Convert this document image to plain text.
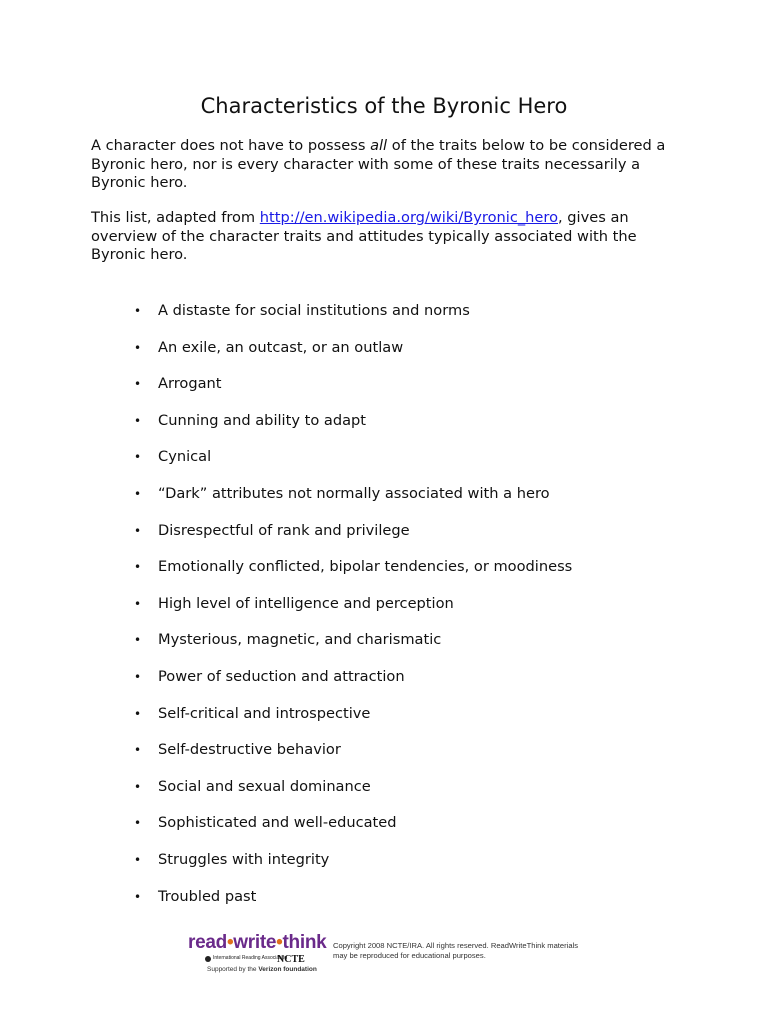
Characteristics of the Byronic Hero

A character does not have to possess all of the traits below to be considered a Byronic hero, nor is every character with some of these traits necessarily a Byronic hero.

This list, adapted from http://en.wikipedia.org/wiki/Byronic_hero, gives an overview of the character traits and attitudes typically associated with the Byronic hero.

• A distaste for social institutions and norms
• An exile, an outcast, or an outlaw
• Arrogant
• Cunning and ability to adapt
• Cynical
• “Dark” attributes not normally associated with a hero
• Disrespectful of rank and privilege
• Emotionally conflicted, bipolar tendencies, or moodiness
• High level of intelligence and perception
• Mysterious, magnetic, and charismatic
• Power of seduction and attraction
• Self-critical and introspective
• Self-destructive behavior
• Social and sexual dominance
• Sophisticated and well-educated
• Struggles with integrity
• Troubled past
read•write•think
International Reading Association
NCTE
Supported by the Verizon foundation
Copyright 2008 NCTE/IRA. All rights reserved. ReadWriteThink materials may be reproduced for educational purposes.
